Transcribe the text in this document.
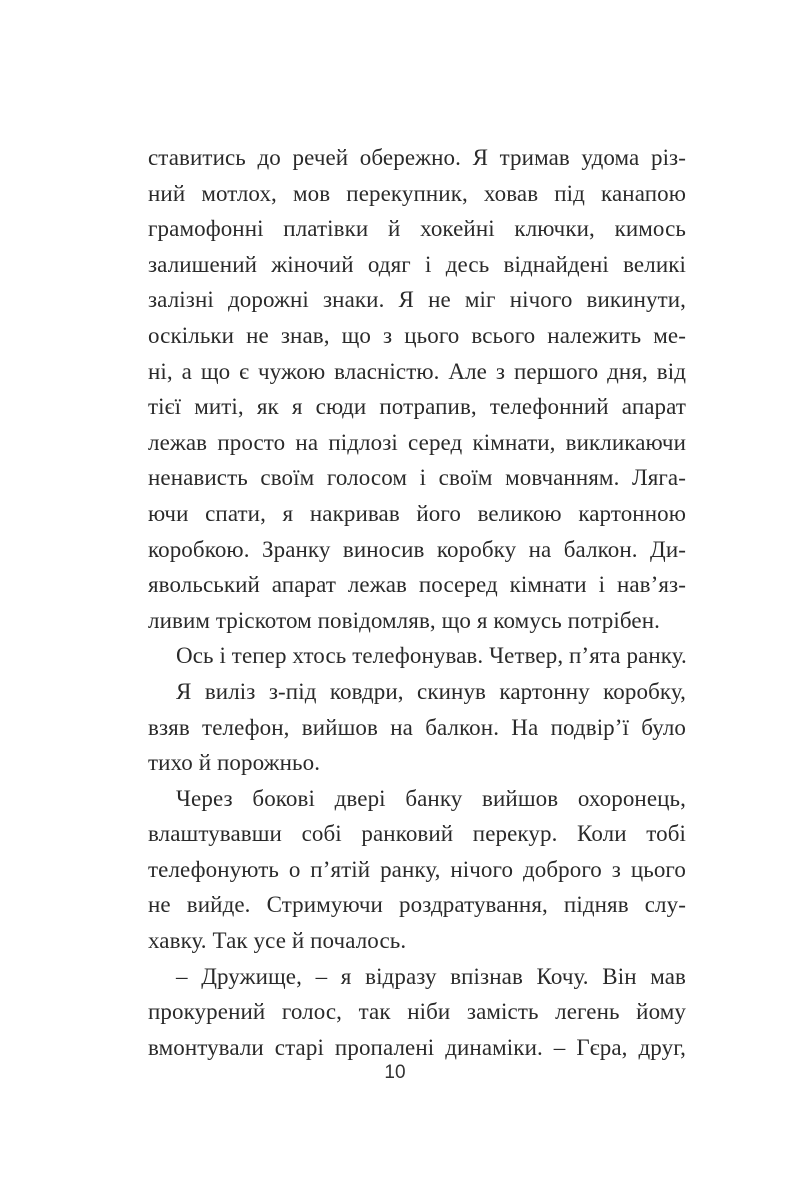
ставитись до речей обережно. Я тримав удома різ-
ний мотлох, мов перекупник, ховав під канапою
грамофонні платівки й хокейні ключки, кимось
залишений жіночий одяг і десь віднайдені великі
залізні дорожні знаки. Я не міг нічого викинути,
оскільки не знав, що з цього всього належить ме-
ні, а що є чужою власністю. Але з першого дня, від
тієї миті, як я сюди потрапив, телефонний апарат
лежав просто на підлозі серед кімнати, викликаючи
ненависть своїм голосом і своїм мовчанням. Ляга-
ючи спати, я накривав його великою картонною
коробкою. Зранку виносив коробку на балкон. Ди-
явольський апарат лежав посеред кімнати і нав’яз-
ливим тріскотом повідомляв, що я комусь потрібен.
Ось і тепер хтось телефонував. Четвер, п’ята ранку.
Я виліз з-під ковдри, скинув картонну коробку,
взяв телефон, вийшов на балкон. На подвір’ї було
тихо й порожньо.
Через бокові двері банку вийшов охоронець,
влаштувавши собі ранковий перекур. Коли тобі
телефонують о п’ятій ранку, нічого доброго з цього
не вийде. Стримуючи роздратування, підняв слу-
хавку. Так усе й почалось.
– Дружище, – я відразу впізнав Кочу. Він мав
прокурений голос, так ніби замість легень йому
вмонтували старі пропалені динаміки. – Гєра, друг,
10
